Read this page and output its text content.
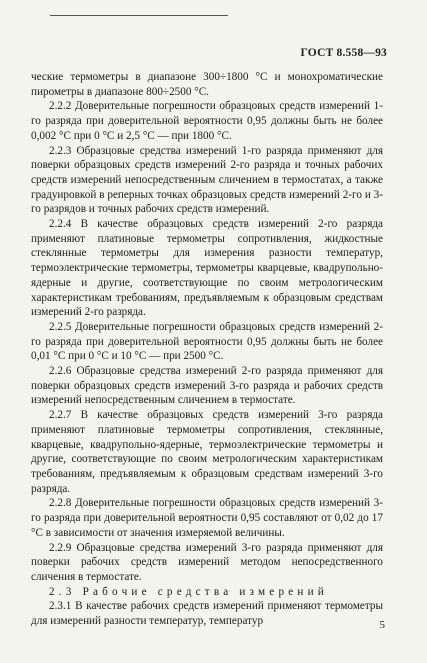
ГОСТ 8.558—93

ческие термометры в диапазоне 300÷1800 °С и монохроматические пирометры в диапазоне 800÷2500 °С.

2.2.2 Доверительные погрешности образцовых средств измерений 1-го разряда при доверительной вероятности 0,95 должны быть не более 0,002 °С при 0 °С и 2,5 °С — при 1800 °С.

2.2.3 Образцовые средства измерений 1-го разряда применяют для поверки образцовых средств измерений 2-го разряда и точных рабочих средств измерений непосредственным сличением в термостатах, а также градуировкой в реперных точках образцовых средств измерений 2-го и 3-го разрядов и точных рабочих средств измерений.

2.2.4 В качестве образцовых средств измерений 2-го разряда применяют платиновые термометры сопротивления, жидкостные стеклянные термометры для измерения разности температур, термоэлектрические термометры, термометры кварцевые, квадрупольно-ядерные и другие, соответствующие по своим метрологическим характеристикам требованиям, предъявляемым к образцовым средствам измерений 2-го разряда.

2.2.5 Доверительные погрешности образцовых средств измерений 2-го разряда при доверительной вероятности 0,95 должны быть не более 0,01 °С при 0 °С и 10 °С — при 2500 °С.

2.2.6 Образцовые средства измерений 2-го разряда применяют для поверки образцовых средств измерений 3-го разряда и рабочих средств измерений непосредственным сличением в термостате.

2.2.7 В качестве образцовых средств измерений 3-го разряда применяют платиновые термометры сопротивления, стеклянные, кварцевые, квадрупольно-ядерные, термоэлектрические термометры и другие, соответствующие по своим метрологическим характеристикам требованиям, предъявляемым к образцовым средствам измерений 3-го разряда.

2.2.8 Доверительные погрешности образцовых средств измерений 3-го разряда при доверительной вероятности 0,95 составляют от 0,02 до 17 °С в зависимости от значения измеряемой величины.

2.2.9 Образцовые средства измерений 3-го разряда применяют для поверки рабочих средств измерений методом непосредственного сличения в термостате.

2.3 Рабочие средства измерений

2.3.1 В качестве рабочих средств измерений применяют термометры для измерений разности температур, температур	5
